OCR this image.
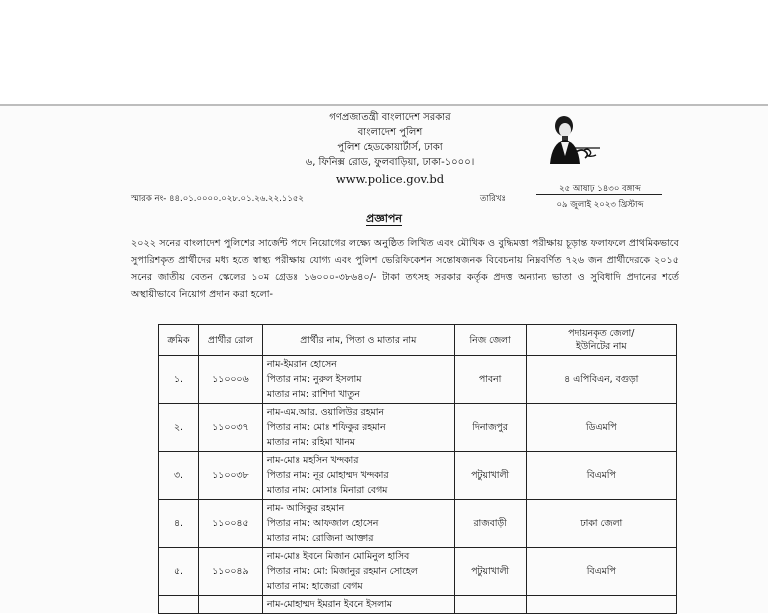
গণপ্রজাতন্ত্রী বাংলাদেশ সরকার
বাংলাদেশ পুলিশ
পুলিশ হেডকোয়ার্টার্স, ঢাকা
৬, ফিনিক্স রোড, ফুলবাড়িয়া, ঢাকা-১০০০।
www.police.gov.bd
স্মারক নং- ৪৪.০১.০০০০.০২৮.০১.২৬.২২.১১৫২	তারিখঃ
২৫ আষাঢ় ১৪৩০ বঙ্গাব্দ
০৯ জুলাই ২০২৩ খ্রিস্টাব্দ
প্রজ্ঞাপন
২০২২ সনের বাংলাদেশ পুলিশের সার্জেন্ট পদে নিয়োগের লক্ষ্যে অনুষ্ঠিত লিখিত এবং মৌখিক ও বুদ্ধিমত্তা পরীক্ষায় চূড়ান্ত ফলাফলে প্রাথমিকভাবে সুপারিশকৃত প্রার্থীদের মধ্য হতে স্বাস্থ্য পরীক্ষায় যোগ্য এবং পুলিশ ভেরিফিকেশন সন্তোষজনক বিবেচনায় নিম্নবর্ণিত ৭২৬ জন প্রার্থীদেরকে ২০১৫ সনের জাতীয় বেতন স্কেলের ১০ম গ্রেডঃ ১৬০০০-৩৮৬৪০/- টাকা তৎসহ সরকার কর্তৃক প্রদত্ত অন্যান্য ভাতা ও সুবিধাদি প্রদানের শর্তে অস্থায়ীভাবে নিয়োগ প্রদান করা হলো-
ক্রমিক	প্রার্থীর রোল	প্রার্থীর নাম, পিতা ও মাতার নাম	নিজ জেলা	পদায়নকৃত জেলা/
ইউনিটের নাম

১.	১১০০০৬	নাম-ইমরান হোসেন
পিতার নাম: নুরুল ইসলাম
মাতার নাম: রাশিদা খাতুন	পাবনা	৪ এপিবিএন, বগুড়া
২.	১১০০৩৭	নাম-এম.আর. ওয়ালিউর রহমান
পিতার নাম: মোঃ শফিকুর রহমান
মাতার নাম: রহিমা খানম	দিনাজপুর	ডিএমপি
৩.	১১০০৩৮	নাম-মোঃ মহসিন খন্দকার
পিতার নাম: নূর মোহাম্মদ খন্দকার
মাতার নাম: মোসাঃ মিনারা বেগম	পটুয়াখালী	বিএমপি
৪.	১১০০৪৫	নাম- আসিকুর রহমান
পিতার নাম: আফজাল হোসেন
মাতার নাম: রোজিনা আক্তার	রাজবাড়ী	ঢাকা জেলা
৫.	১১০০৪৯	নাম-মোঃ ইবনে মিজান মোমিনুল হাসিব
পিতার নাম: মো: মিজানুর রহমান সোহেল
মাতার নাম: হাজেরা বেগম	পটুয়াখালী	বিএমপি

		নাম-মোহাম্মদ ইমরান ইবনে ইসলাম		
